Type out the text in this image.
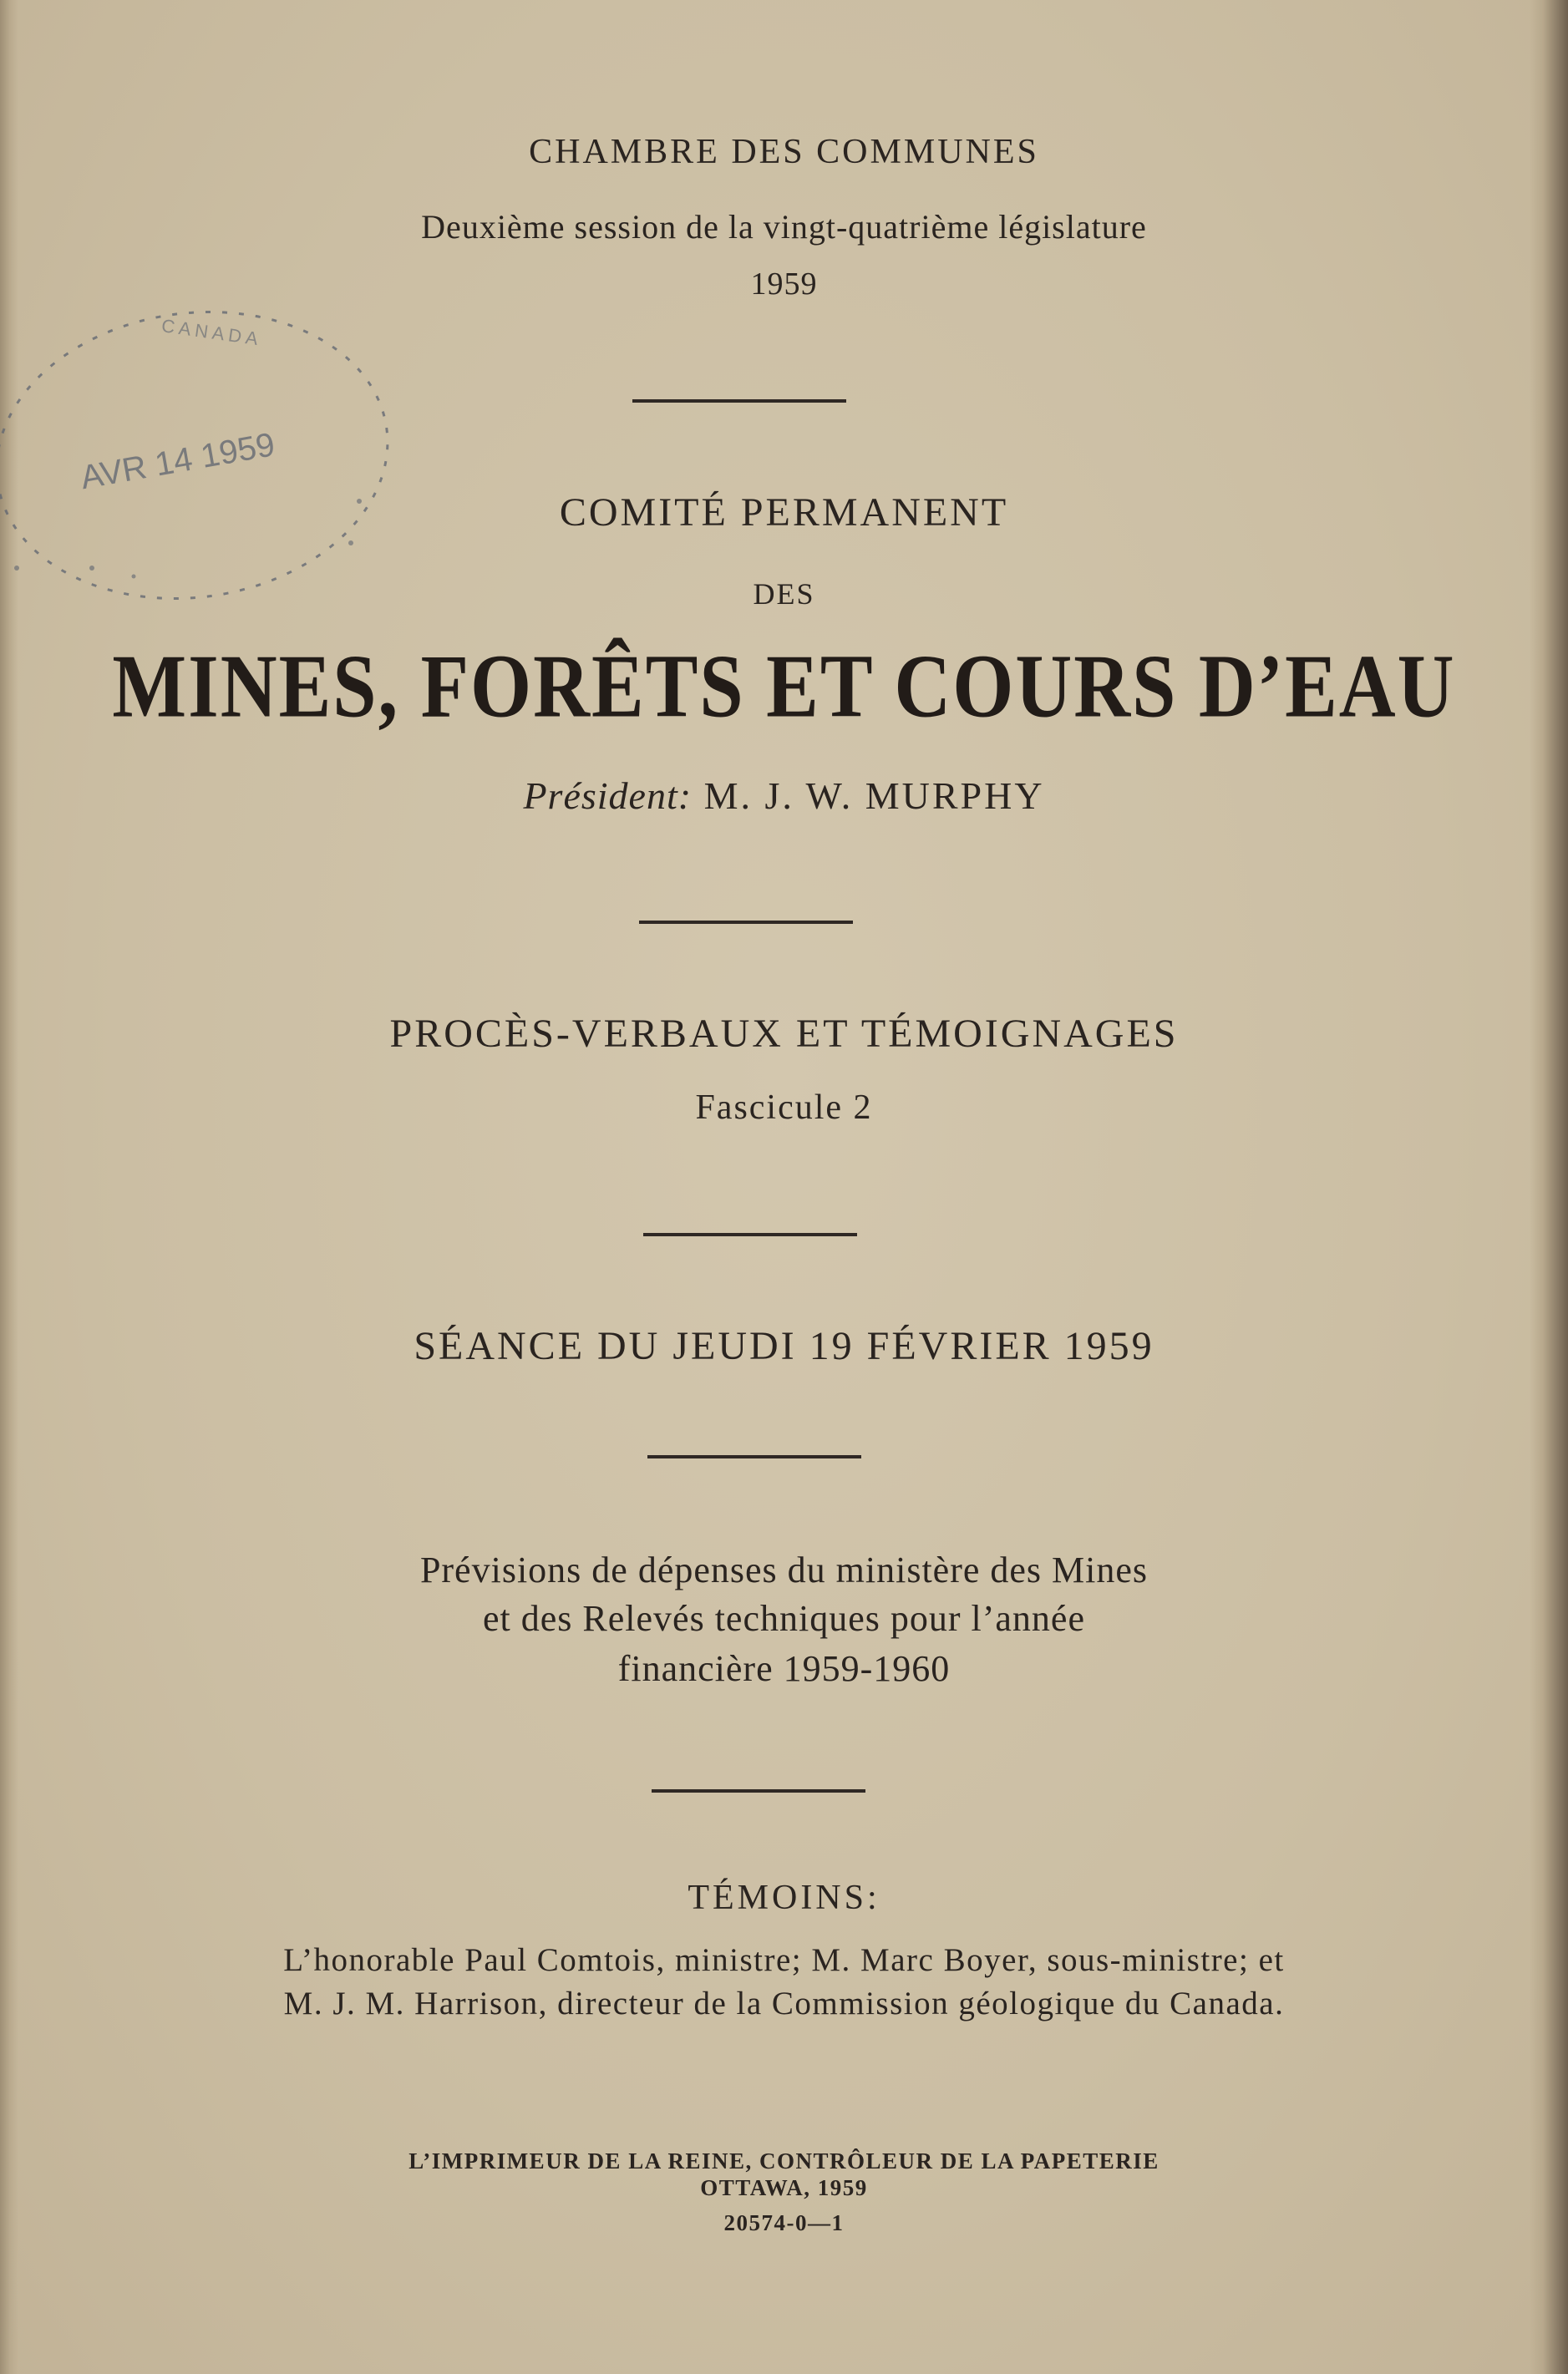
AVR 14 1959
C A N A D A
CHAMBRE DES COMMUNES
Deuxième session de la vingt-quatrième législature
1959
COMITÉ PERMANENT
DES
MINES, FORÊTS ET COURS D’EAU
Président: M. J. W. MURPHY
PROCÈS-VERBAUX ET TÉMOIGNAGES
Fascicule 2
SÉANCE DU JEUDI 19 FÉVRIER 1959
Prévisions de dépenses du ministère des Mines
et des Relevés techniques pour l’année
financière 1959-1960
TÉMOINS:
L’honorable Paul Comtois, ministre; M. Marc Boyer, sous-ministre; et
M. J. M. Harrison, directeur de la Commission géologique du Canada.
L’IMPRIMEUR DE LA REINE, CONTRÔLEUR DE LA PAPETERIE
OTTAWA, 1959
20574-0—1
